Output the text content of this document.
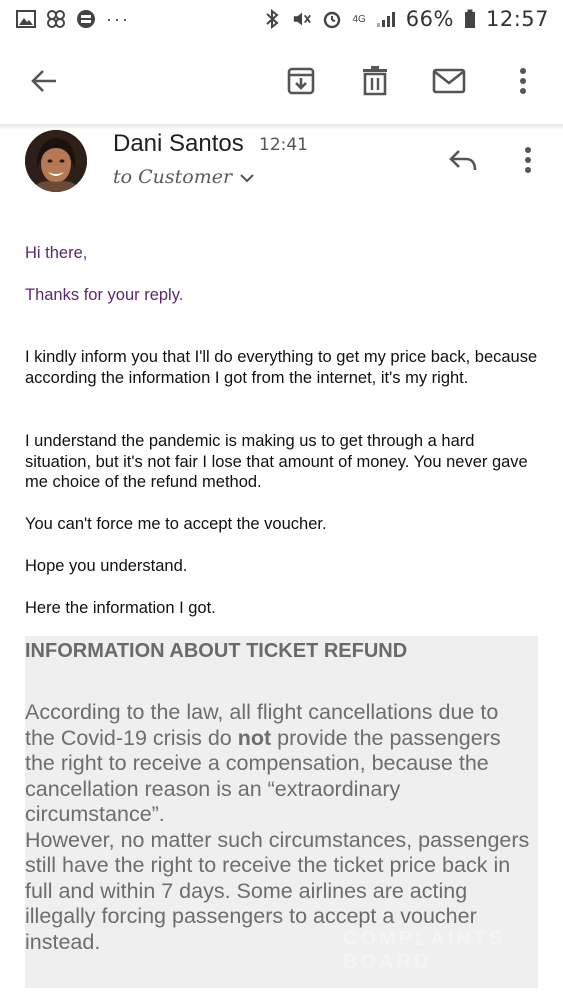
···	4G 66% 12:57
Dani Santos 12:41
to Customer

Hi there,

Thanks for your reply.

I kindly inform you that I'll do everything to get my price back, because according the information I got from the internet, it's my right.

I understand the pandemic is making us to get through a hard situation, but it's not fair I lose that amount of money. You never gave me choice of the refund method.

You can't force me to accept the voucher.

Hope you understand.

Here the information I got.

INFORMATION ABOUT TICKET REFUND
According to the law, all flight cancellations due to the Covid-19 crisis do not provide the passengers the right to receive a compensation, because the cancellation reason is an “extraordinary circumstance”.
However, no matter such circumstances, passengers still have the right to receive the ticket price back in full and within 7 days. Some airlines are acting illegally forcing passengers to accept a voucher instead.	COMPLAINTS
BOARD
